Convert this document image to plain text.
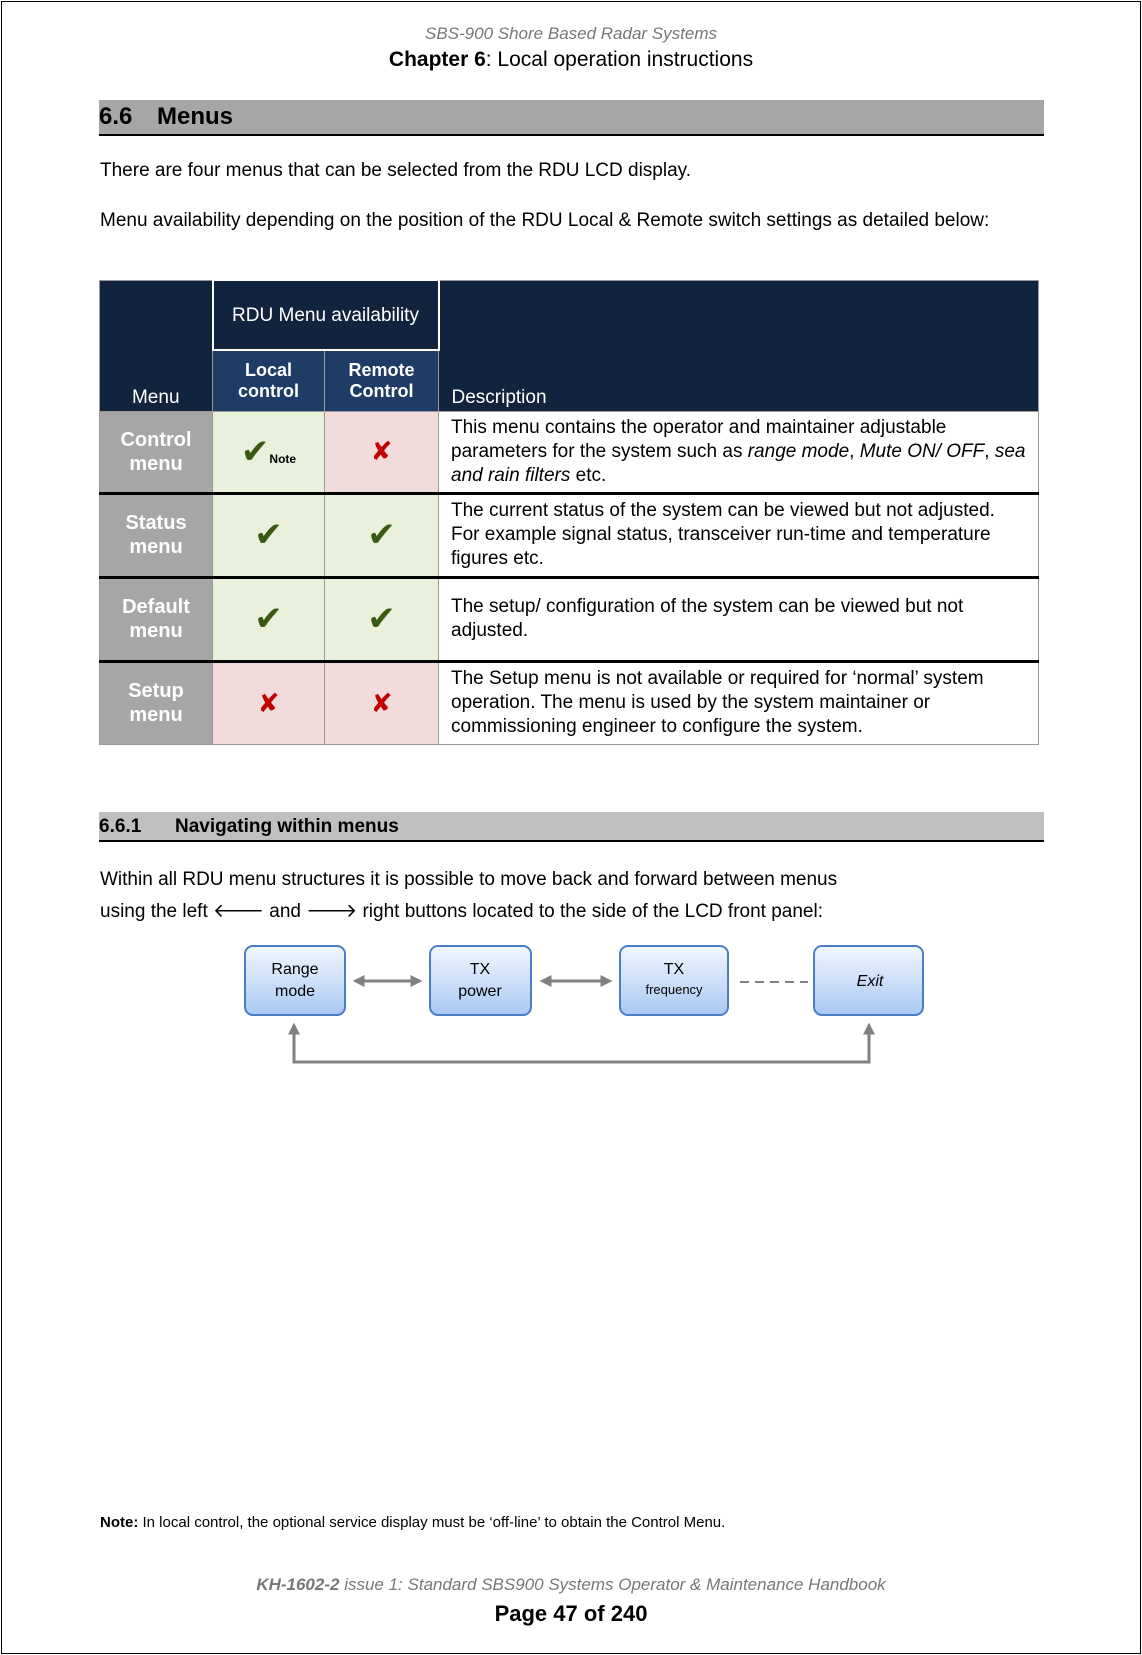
SBS-900 Shore Based Radar Systems
Chapter 6: Local operation instructions
6.6 Menus
There are four menus that can be selected from the RDU LCD display.
Menu availability depending on the position of the RDU Local & Remote switch settings as detailed below:
Menu	RDU Menu availability		Description
	Local control	Remote Control	
Control menu	✔Note	✘	This menu contains the operator and maintainer adjustable parameters for the system such as range mode, Mute ON/ OFF, sea and rain filters etc.
Status menu	✔	✔	The current status of the system can be viewed but not adjusted. For example signal status, transceiver run-time and temperature figures etc.
Default menu	✔	✔	The setup/ configuration of the system can be viewed but not adjusted.
Setup menu	✘	✘	The Setup menu is not available or required for ‘normal’ system operation. The menu is used by the system maintainer or commissioning engineer to configure the system.
6.6.1 Navigating within menus
Within all RDU menu structures it is possible to move back and forward between menus
using the left 🡐 and 🡒 right buttons located to the side of the LCD front panel:
Range
mode
TX
power
TX
frequency	Exit
Note: In local control, the optional service display must be ‘off-line’ to obtain the Control Menu.
KH-1602-2 issue 1: Standard SBS900 Systems Operator & Maintenance Handbook
Page 47 of 240
